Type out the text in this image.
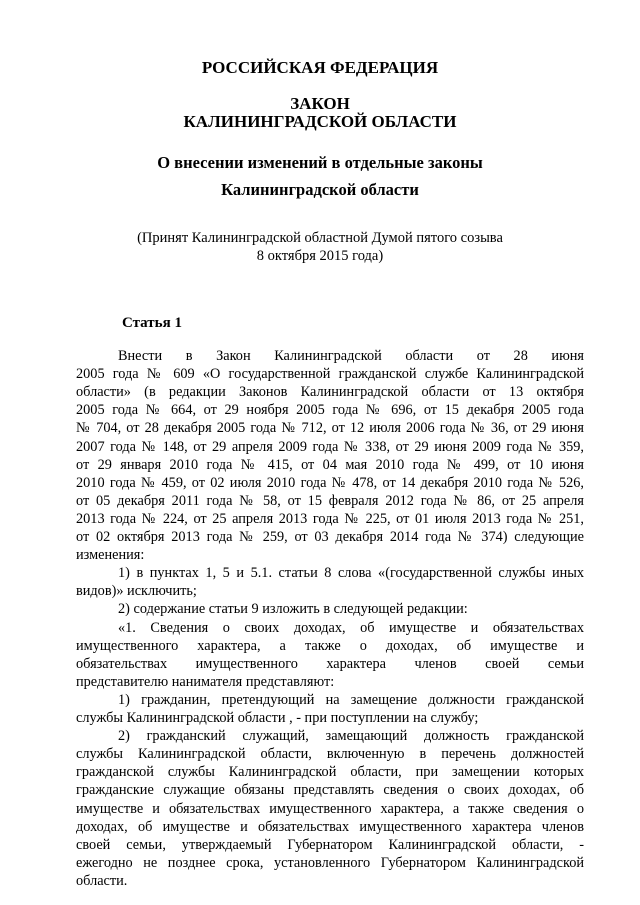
РОССИЙСКАЯ ФЕДЕРАЦИЯ
ЗАКОН
КАЛИНИНГРАДСКОЙ ОБЛАСТИ
О внесении изменений в отдельные законы
Калининградской области
(Принят Калининградской областной Думой пятого созыва
8 октября 2015 года)
Статья 1
Внести в Закон Калининградской области от 28 июня
2005 года № 609 «О государственной гражданской службе Калининградской
области» (в редакции Законов Калининградской области от 13 октября
2005 года № 664, от 29 ноября 2005 года № 696, от 15 декабря 2005 года
№ 704, от 28 декабря 2005 года № 712, от 12 июля 2006 года № 36, от 29 июня
2007 года № 148, от 29 апреля 2009 года № 338, от 29 июня 2009 года № 359,
от 29 января 2010 года № 415, от 04 мая 2010 года № 499, от 10 июня
2010 года № 459, от 02 июля 2010 года № 478, от 14 декабря 2010 года № 526,
от 05 декабря 2011 года № 58, от 15 февраля 2012 года № 86, от 25 апреля
2013 года № 224, от 25 апреля 2013 года № 225, от 01 июля 2013 года № 251,
от 02 октября 2013 года № 259, от 03 декабря 2014 года № 374) следующие
изменения:
1) в пунктах 1, 5 и 5.1. статьи 8 слова «(государственной службы иных
видов)» исключить;
2) содержание статьи 9 изложить в следующей редакции:
«1. Сведения о своих доходах, об имуществе и обязательствах
имущественного характера, а также о доходах, об имуществе и
обязательствах имущественного характера членов своей семьи
представителю нанимателя представляют:
1) гражданин, претендующий на замещение должности гражданской
службы Калининградской области , - при поступлении на службу;
2) гражданский служащий, замещающий должность гражданской
службы Калининградской области, включенную в перечень должностей
гражданской службы Калининградской области, при замещении которых
гражданские служащие обязаны представлять сведения о своих доходах, об
имуществе и обязательствах имущественного характера, а также сведения о
доходах, об имуществе и обязательствах имущественного характера членов
своей семьи, утверждаемый Губернатором Калининградской области, -
ежегодно не позднее срока, установленного Губернатором Калининградской
области.
